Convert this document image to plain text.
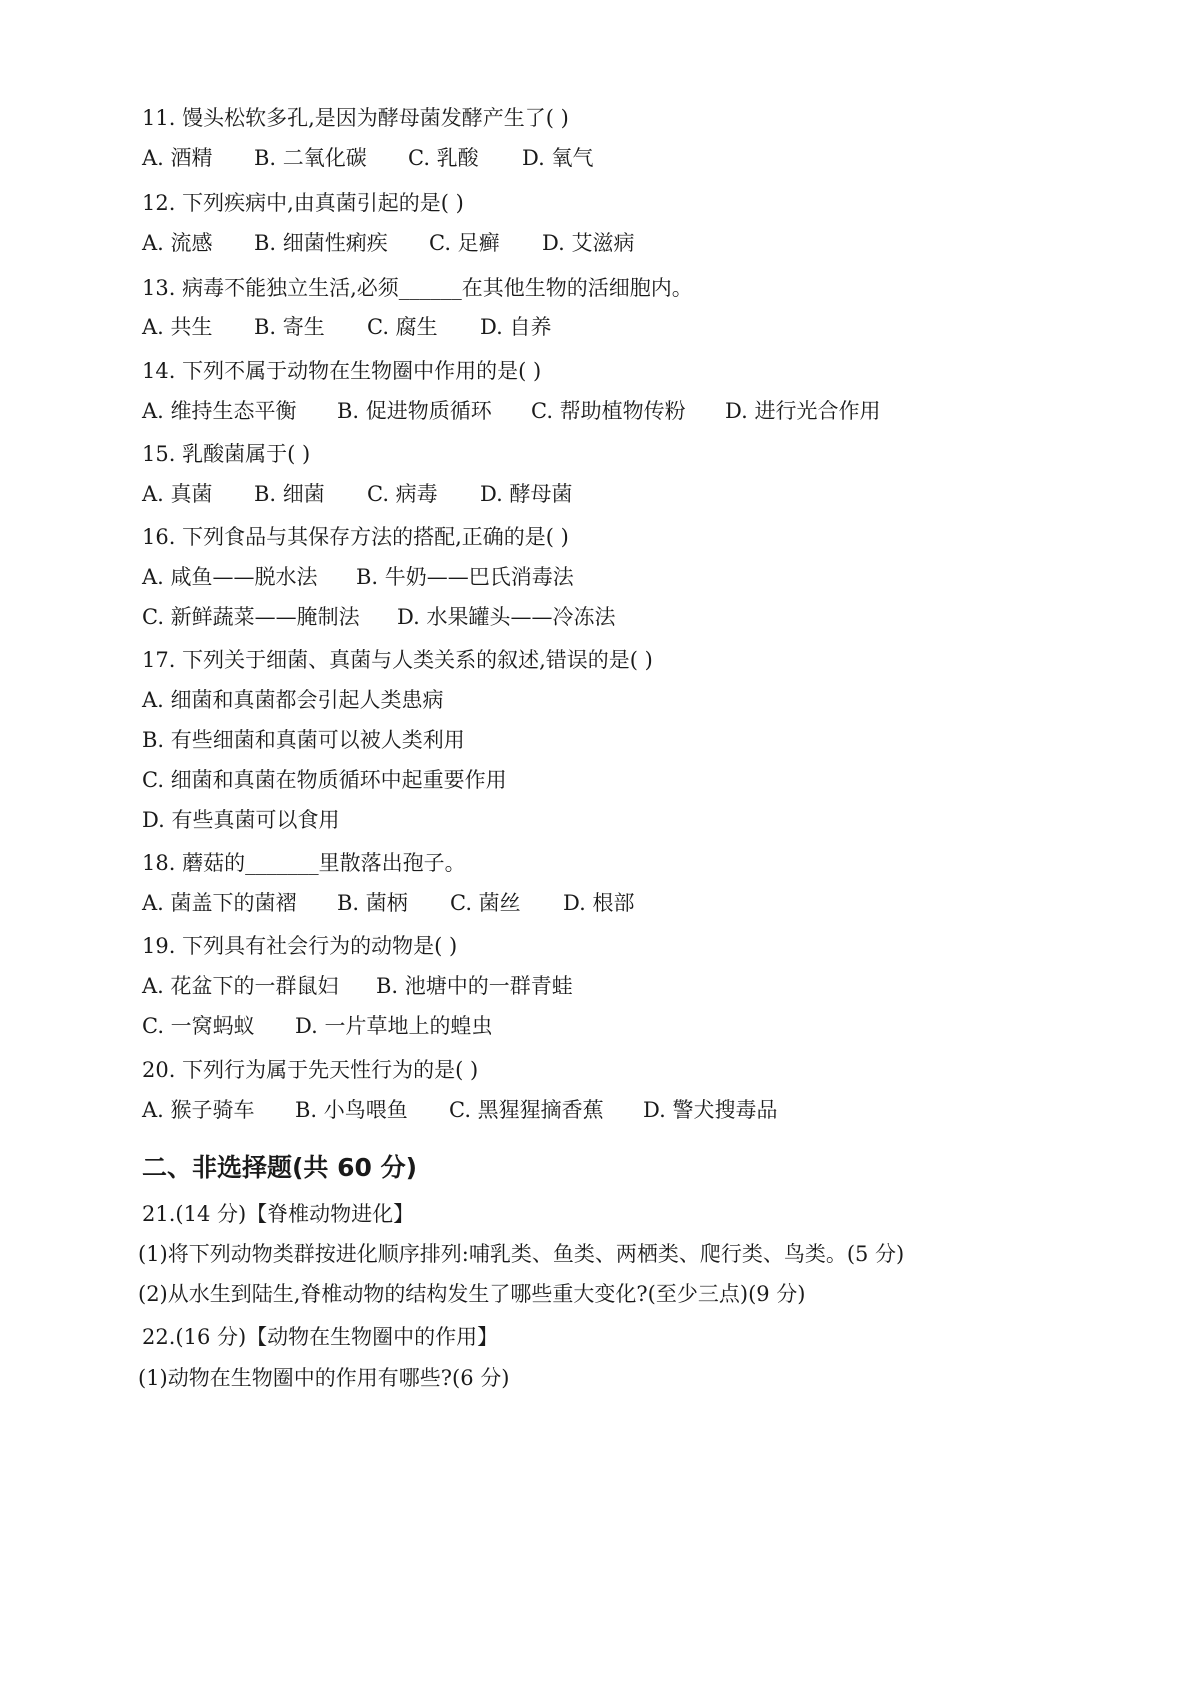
11. 馒头松软多孔,是因为酵母菌发酵产生了( )

A. 酒精

B. 二氧化碳

C. 乳酸

D. 氧气

12. 下列疾病中,由真菌引起的是( )

A. 流感

B. 细菌性痢疾

C. 足癣

D. 艾滋病

13. 病毒不能独立生活,必须______在其他生物的活细胞内。

A. 共生

B. 寄生

C. 腐生

D. 自养

14. 下列不属于动物在生物圈中作用的是( )

A. 维持生态平衡

B. 促进物质循环

C. 帮助植物传粉

D. 进行光合作用

15. 乳酸菌属于( )

A. 真菌

B. 细菌

C. 病毒

D. 酵母菌

16. 下列食品与其保存方法的搭配,正确的是( )

A. 咸鱼——脱水法

B. 牛奶——巴氏消毒法

C. 新鲜蔬菜——腌制法

D. 水果罐头——冷冻法

17. 下列关于细菌、真菌与人类关系的叙述,错误的是( )

A. 细菌和真菌都会引起人类患病

B. 有些细菌和真菌可以被人类利用

C. 细菌和真菌在物质循环中起重要作用

D. 有些真菌可以食用

18. 蘑菇的_______里散落出孢子。

A. 菌盖下的菌褶

B. 菌柄

C. 菌丝

D. 根部

19. 下列具有社会行为的动物是( )

A. 花盆下的一群鼠妇

B. 池塘中的一群青蛙

C. 一窝蚂蚁

D. 一片草地上的蝗虫

20. 下列行为属于先天性行为的是( )

A. 猴子骑车

B. 小鸟喂鱼

C. 黑猩猩摘香蕉

D. 警犬搜毒品

二、非选择题(共 60 分)

21.(14 分)【脊椎动物进化】

(1)将下列动物类群按进化顺序排列:哺乳类、鱼类、两栖类、爬行类、鸟类。(5 分)

(2)从水生到陆生,脊椎动物的结构发生了哪些重大变化?(至少三点)(9 分)

22.(16 分)【动物在生物圈中的作用】

(1)动物在生物圈中的作用有哪些?(6 分)
